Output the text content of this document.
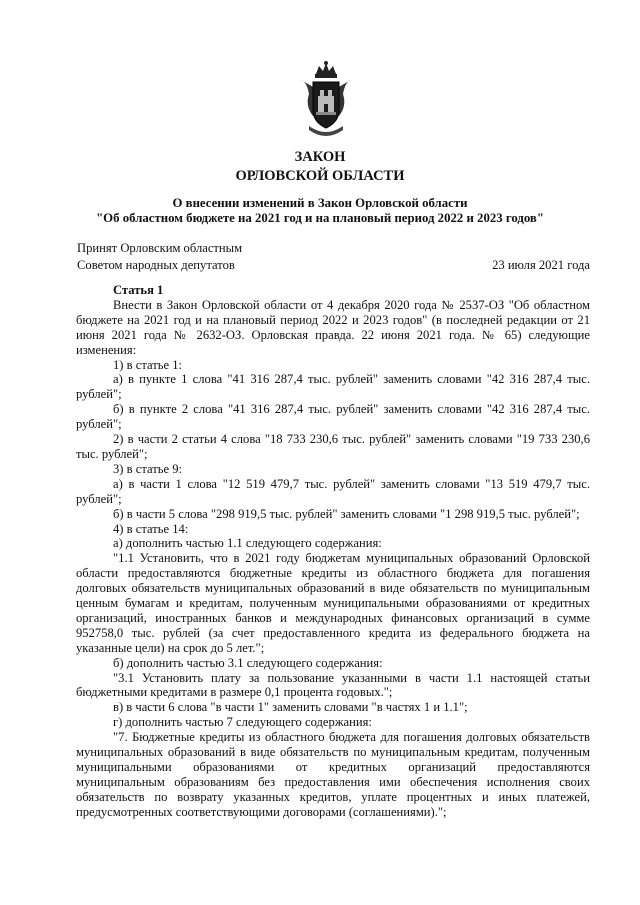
ЗАКОН
ОРЛОВСКОЙ ОБЛАСТИ
О внесении изменений в Закон Орловской области
"Об областном бюджете на 2021 год и на плановый период 2022 и 2023 годов"
Принят Орловским областным
Советом народных депутатов	23 июля 2021 года
Статья 1

Внести в Закон Орловской области от 4 декабря 2020 года № 2537-ОЗ "Об областном бюджете на 2021 год и на плановый период 2022 и 2023 годов" (в последней редакции от 21 июня 2021 года № 2632-ОЗ. Орловская правда. 22 июня 2021 года. № 65) следующие изменения:

1) в статье 1:

а) в пункте 1 слова "41 316 287,4 тыс. рублей" заменить словами "42 316 287,4 тыс. рублей";

б) в пункте 2 слова "41 316 287,4 тыс. рублей" заменить словами "42 316 287,4 тыс. рублей";

2) в части 2 статьи 4 слова "18 733 230,6 тыс. рублей" заменить словами "19 733 230,6 тыс. рублей";

3) в статье 9:

а) в части 1 слова "12 519 479,7 тыс. рублей" заменить словами "13 519 479,7 тыс. рублей";

б) в части 5 слова "298 919,5 тыс. рублей" заменить словами "1 298 919,5 тыс. рублей";

4) в статье 14:

а) дополнить частью 1.1 следующего содержания:

"1.1 Установить, что в 2021 году бюджетам муниципальных образований Орловской области предоставляются бюджетные кредиты из областного бюджета для погашения долговых обязательств муниципальных образований в виде обязательств по муниципальным ценным бумагам и кредитам, полученным муниципальными образованиями от кредитных организаций, иностранных банков и международных финансовых организаций в сумме 952758,0 тыс. рублей (за счет предоставленного кредита из федерального бюджета на указанные цели) на срок до 5 лет.";

б) дополнить частью 3.1 следующего содержания:

"3.1 Установить плату за пользование указанными в части 1.1 настоящей статьи бюджетными кредитами в размере 0,1 процента годовых.";

в) в части 6 слова "в части 1" заменить словами "в частях 1 и 1.1";

г) дополнить частью 7 следующего содержания:

"7. Бюджетные кредиты из областного бюджета для погашения долговых обязательств муниципальных образований в виде обязательств по муниципальным кредитам, полученным муниципальными образованиями от кредитных организаций предоставляются муниципальным образованиям без предоставления ими обеспечения исполнения своих обязательств по возврату указанных кредитов, уплате процентных и иных платежей, предусмотренных соответствующими договорами (соглашениями).";
